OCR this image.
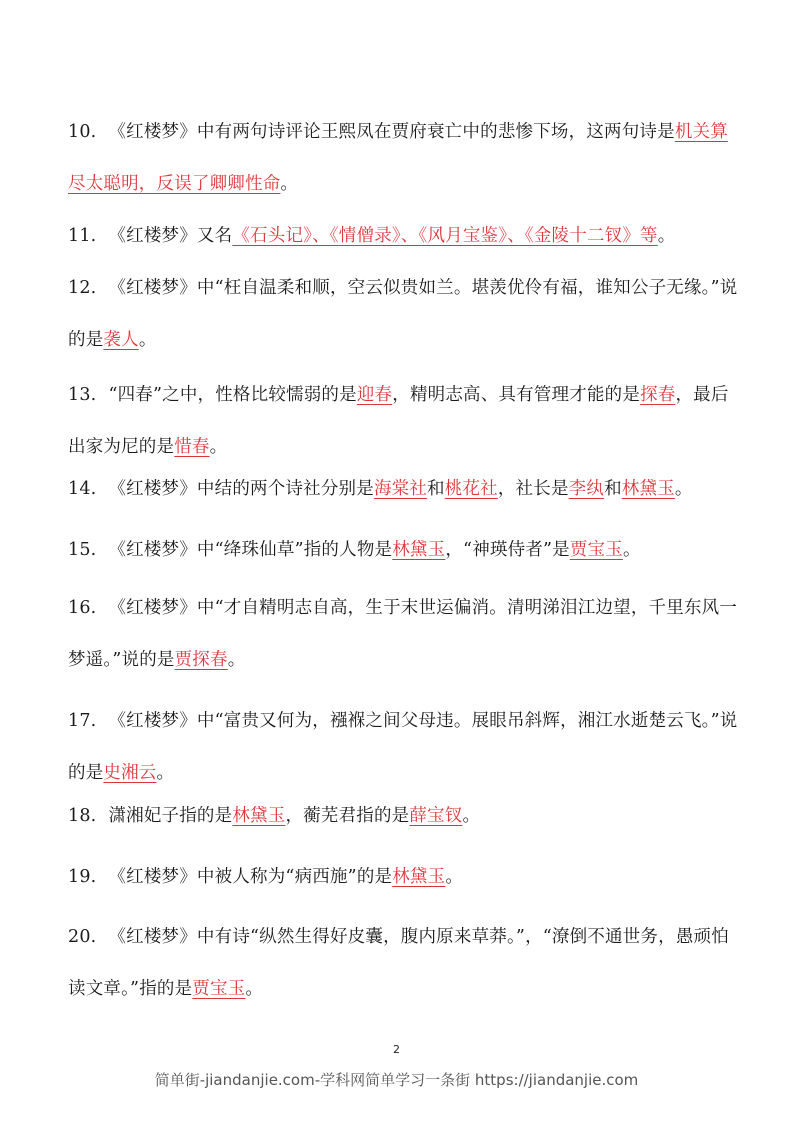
10. 《红楼梦》中有两句诗评论王熙凤在贾府衰亡中的悲惨下场，这两句诗是机关算尽太聪明，反误了卿卿性命。
11. 《红楼梦》又名《石头记》、《情僧录》、《风月宝鉴》、《金陵十二钗》等。
12. 《红楼梦》中“枉自温柔和顺，空云似贵如兰。堪羡优伶有福，谁知公子无缘。”说的是袭人。
13. “四春”之中，性格比较懦弱的是迎春，精明志高、具有管理才能的是探春，最后出家为尼的是惜春。
14. 《红楼梦》中结的两个诗社分别是海棠社和桃花社，社长是李纨和林黛玉。
15. 《红楼梦》中“绛珠仙草”指的人物是林黛玉，“神瑛侍者”是贾宝玉。
16. 《红楼梦》中“才自精明志自高，生于末世运偏消。清明涕泪江边望，千里东风一梦遥。”说的是贾探春。
17. 《红楼梦》中“富贵又何为，襁褓之间父母违。展眼吊斜辉，湘江水逝楚云飞。”说的是史湘云。
18. 潇湘妃子指的是林黛玉，蘅芜君指的是薛宝钗。
19. 《红楼梦》中被人称为“病西施”的是林黛玉。
20. 《红楼梦》中有诗“纵然生得好皮囊，腹内原来草莽。”，“潦倒不通世务，愚顽怕读文章。”指的是贾宝玉。
2
简单街-jiandanjie.com-学科网简单学习一条街 https://jiandanjie.com
